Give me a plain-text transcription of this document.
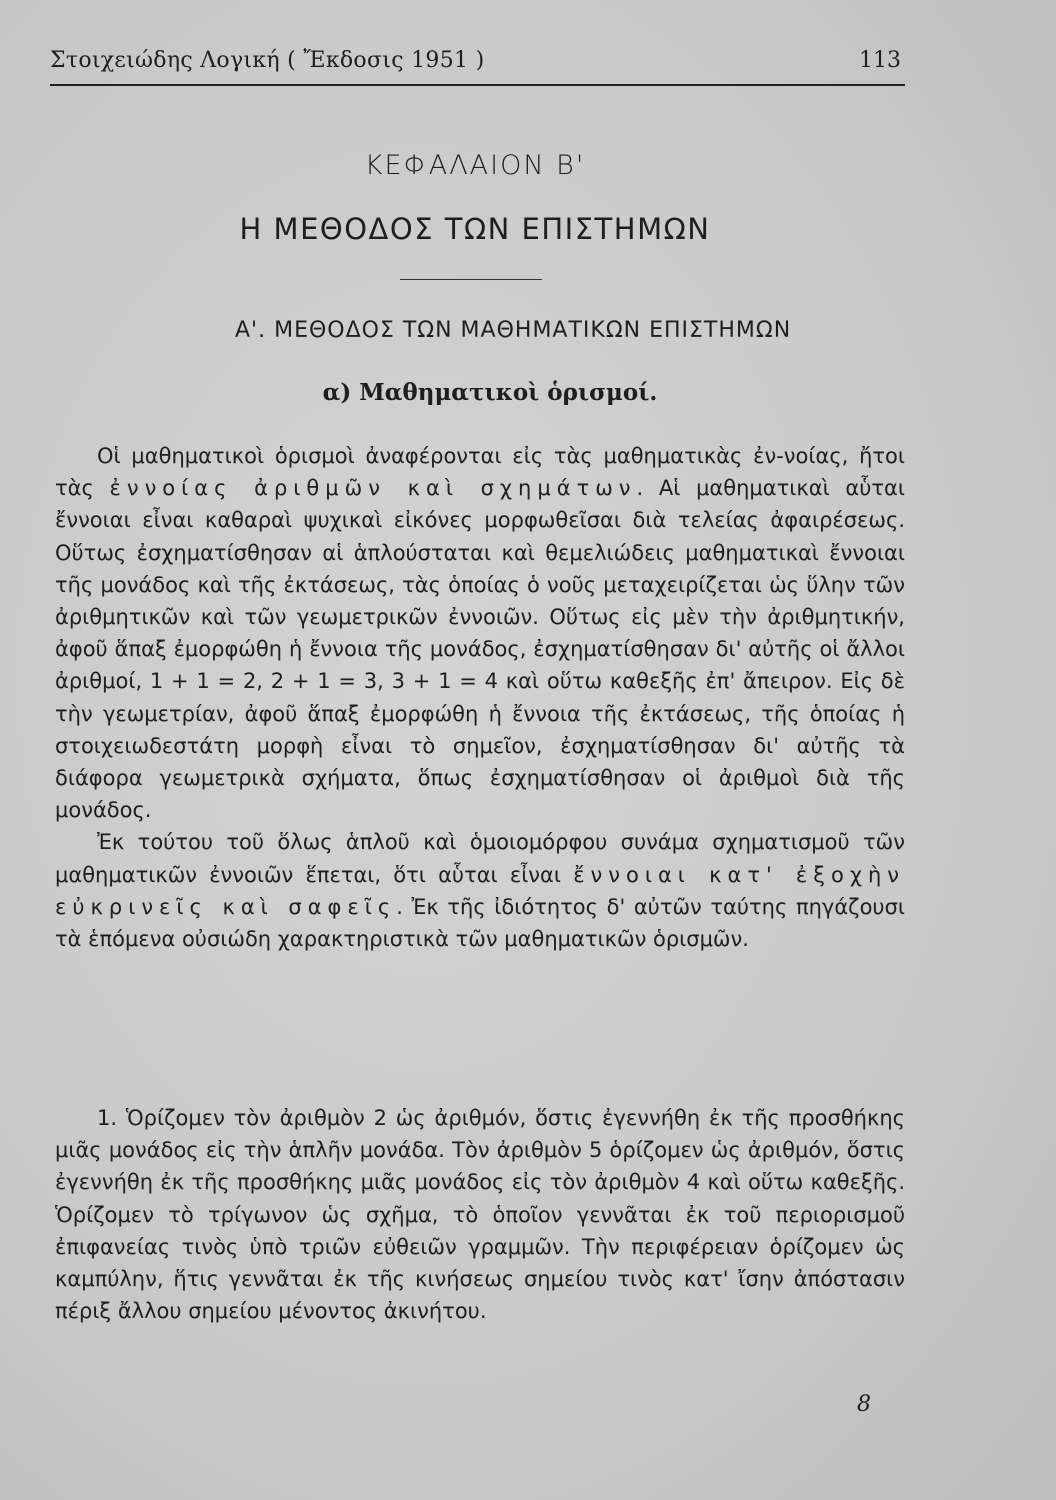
Στοιχειώδης Λογική ( Ἔκδοσις 1951 )	113
ΚΕΦΑΛΑΙΟΝ Β'
Η ΜΕΘΟΔΟΣ ΤΩΝ ΕΠΙΣΤΗΜΩΝ
Α'. ΜΕΘΟΔΟΣ ΤΩΝ ΜΑΘΗΜΑΤΙΚΩΝ ΕΠΙΣΤΗΜΩΝ
α) Μαθηματικοὶ ὁρισμοί.

Οἱ μαθηματικοὶ ὁρισμοὶ ἀναφέρονται εἰς τὰς μαθηματικὰς ἐν-νοίας, ἤτοι τὰς ἐννοίας ἀριθμῶν καὶ σχημάτων. Αἱ μαθηματικαὶ αὗται ἔννοιαι εἶναι καθαραὶ ψυχικαὶ εἰκόνες μορφωθεῖσαι διὰ τελείας ἀφαιρέσεως. Οὕτως ἐσχηματίσθησαν αἱ ἁπλούσταται καὶ θεμελιώδεις μαθηματικαὶ ἔννοιαι τῆς μονάδος καὶ τῆς ἐκτάσεως, τὰς ὁποίας ὁ νοῦς μεταχειρίζεται ὡς ὕλην τῶν ἀριθμητικῶν καὶ τῶν γεωμετρικῶν ἐννοιῶν. Οὕτως εἰς μὲν τὴν ἀριθμητικήν, ἀφοῦ ἅπαξ ἐμορφώθη ἡ ἔννοια τῆς μονάδος, ἐσχηματίσθησαν δι' αὐτῆς οἱ ἄλλοι ἀριθμοί, 1 + 1 = 2, 2 + 1 = 3, 3 + 1 = 4 καὶ οὕτω καθεξῆς ἐπ' ἄπειρον. Εἰς δὲ τὴν γεωμετρίαν, ἀφοῦ ἅπαξ ἐμορφώθη ἡ ἔννοια τῆς ἐκτάσεως, τῆς ὁποίας ἡ στοιχειωδεστάτη μορφὴ εἶναι τὸ σημεῖον, ἐσχηματίσθησαν δι' αὐτῆς τὰ διάφορα γεωμετρικὰ σχήματα, ὅπως ἐσχηματίσθησαν οἱ ἀριθμοὶ διὰ τῆς μονάδος.

Ἐκ τούτου τοῦ ὅλως ἁπλοῦ καὶ ὁμοιομόρφου συνάμα σχηματισμοῦ τῶν μαθηματικῶν ἐννοιῶν ἕπεται, ὅτι αὗται εἶναι ἔννοιαι κατ' ἐξοχὴν εὐκρινεῖς καὶ σαφεῖς. Ἐκ τῆς ἰδιότητος δ' αὐτῶν ταύτης πηγάζουσι τὰ ἑπόμενα οὐσιώδη χαρακτηριστικὰ τῶν μαθηματικῶν ὁρισμῶν.

1. Ὁρίζομεν τὸν ἀριθμὸν 2 ὡς ἀριθμόν, ὅστις ἐγεννήθη ἐκ τῆς προσθήκης μιᾶς μονάδος εἰς τὴν ἁπλῆν μονάδα. Τὸν ἀριθμὸν 5 ὁρίζομεν ὡς ἀριθμόν, ὅστις ἐγεννήθη ἐκ τῆς προσθήκης μιᾶς μονάδος εἰς τὸν ἀριθμὸν 4 καὶ οὕτω καθεξῆς. Ὁρίζομεν τὸ τρίγωνον ὡς σχῆμα, τὸ ὁποῖον γεννᾶται ἐκ τοῦ περιορισμοῦ ἐπιφανείας τινὸς ὑπὸ τριῶν εὐθειῶν γραμμῶν. Τὴν περιφέρειαν ὁρίζομεν ὡς καμπύλην, ἥτις γεννᾶται ἐκ τῆς κινήσεως σημείου τινὸς κατ' ἴσην ἀπόστασιν πέριξ ἄλλου σημείου μένοντος ἀκινήτου.

8
